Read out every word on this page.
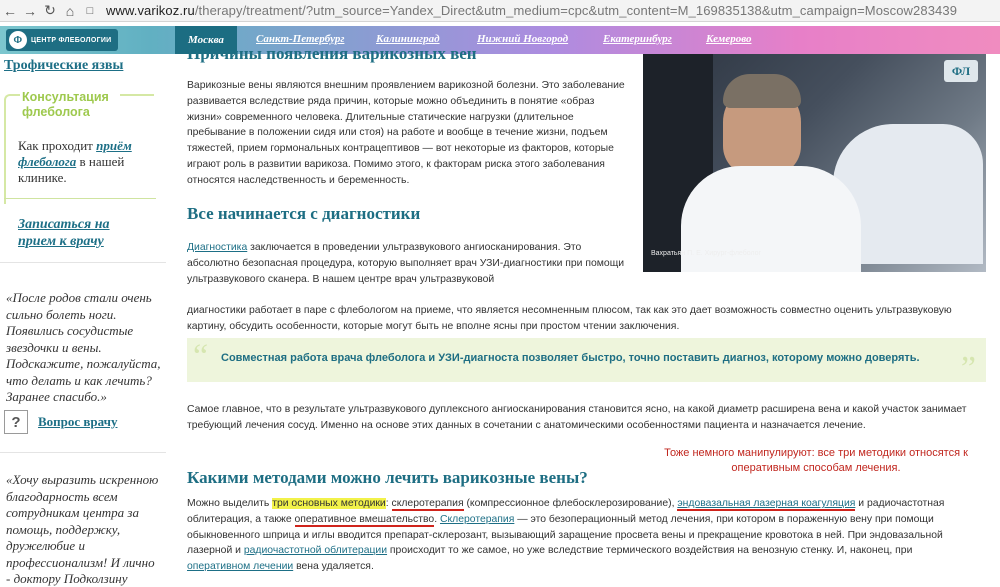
← → ↻ ⌂	□ www.varikoz.ru/therapy/treatment/?utm_source=Yandex_Direct&utm_medium=cpc&utm_content=M_169835138&utm_campaign=Moscow283439
Ф	ЦЕНТР ФЛЕБОЛОГИИ	Москва	Санкт-Петербург	Калининград	Нижний Новгород	Екатеринбург	Кемерово
Трофические язвы
Консультация флеболога
Как проходит приём флеболога в нашей клинике.
Записаться на прием к врачу
«После родов стали очень сильно болеть ноги. Появились сосудистые звездочки и вены. Подскажите, пожалуйста, что делать и как лечить? Заранее спасибо.»
?	Вопрос врачу
«Хочу выразить искренною благодарность всем сотрудникам центра за помощь, поддержку, дружелюбие и профессионализм! И лично - доктору Подколзину
Причины появления варикозных вен
Варикозные вены являются внешним проявлением варикозной болезни. Это заболевание развивается вследствие ряда причин, которые можно объединить в понятие «образ жизни» современного человека. Длительные статические нагрузки (длительное пребывание в положении сидя или стоя) на работе и вообще в течение жизни, подъем тяжестей, прием гормональных контрацептивов — вот некоторые из факторов, которые играют роль в развитии варикоза. Помимо этого, к факторам риска этого заболевания относятся наследственность и беременность.
Все начинается с диагностики
Диагностика заключается в проведении ультразвукового ангиосканирования. Это абсолютно безопасная процедура, которую выполняет врач УЗИ-диагностики при помощи ультразвукового сканера. В нашем центре врач ультразвуковой
диагностики работает в паре с флебологом на приеме, что является несомненным плюсом, так как это дает возможность совместно оценить ультразвуковую картину, обсудить особенности, которые могут быть не вполне ясны при простом чтении заключения.
ФЛ
Вахратьян П. Е. Хирург-флеболог
“	”
Совместная работа врача флеболога и УЗИ-диагноста позволяет быстро, точно поставить диагноз, которому можно доверять.
Самое главное, что в результате ультразвукового дуплексного ангиосканирования становится ясно, на какой диаметр расширена вена и какой участок занимает требующий лечения сосуд. Именно на основе этих данных в сочетании с анатомическими особенностями пациента и назначается лечение.
Какими методами можно лечить варикозные вены?
Тоже немного манипулируют: все три методики относятся к оперативным способам лечения.
Можно выделить три основных методики: склеротерапия (компрессионное флебосклерозирование), эндовазальная лазерная коагуляция и радиочастотная облитерация, а также оперативное вмешательство. Склеротерапия — это безоперационный метод лечения, при котором в пораженную вену при помощи обыкновенного шприца и иглы вводится препарат-склерозант, вызывающий заращение просвета вены и прекращение кровотока в ней. При эндовазальной лазерной и радиочастотной облитерации происходит то же самое, но уже вследствие термического воздействия на венозную стенку. И, наконец, при оперативном лечении вена удаляется.
